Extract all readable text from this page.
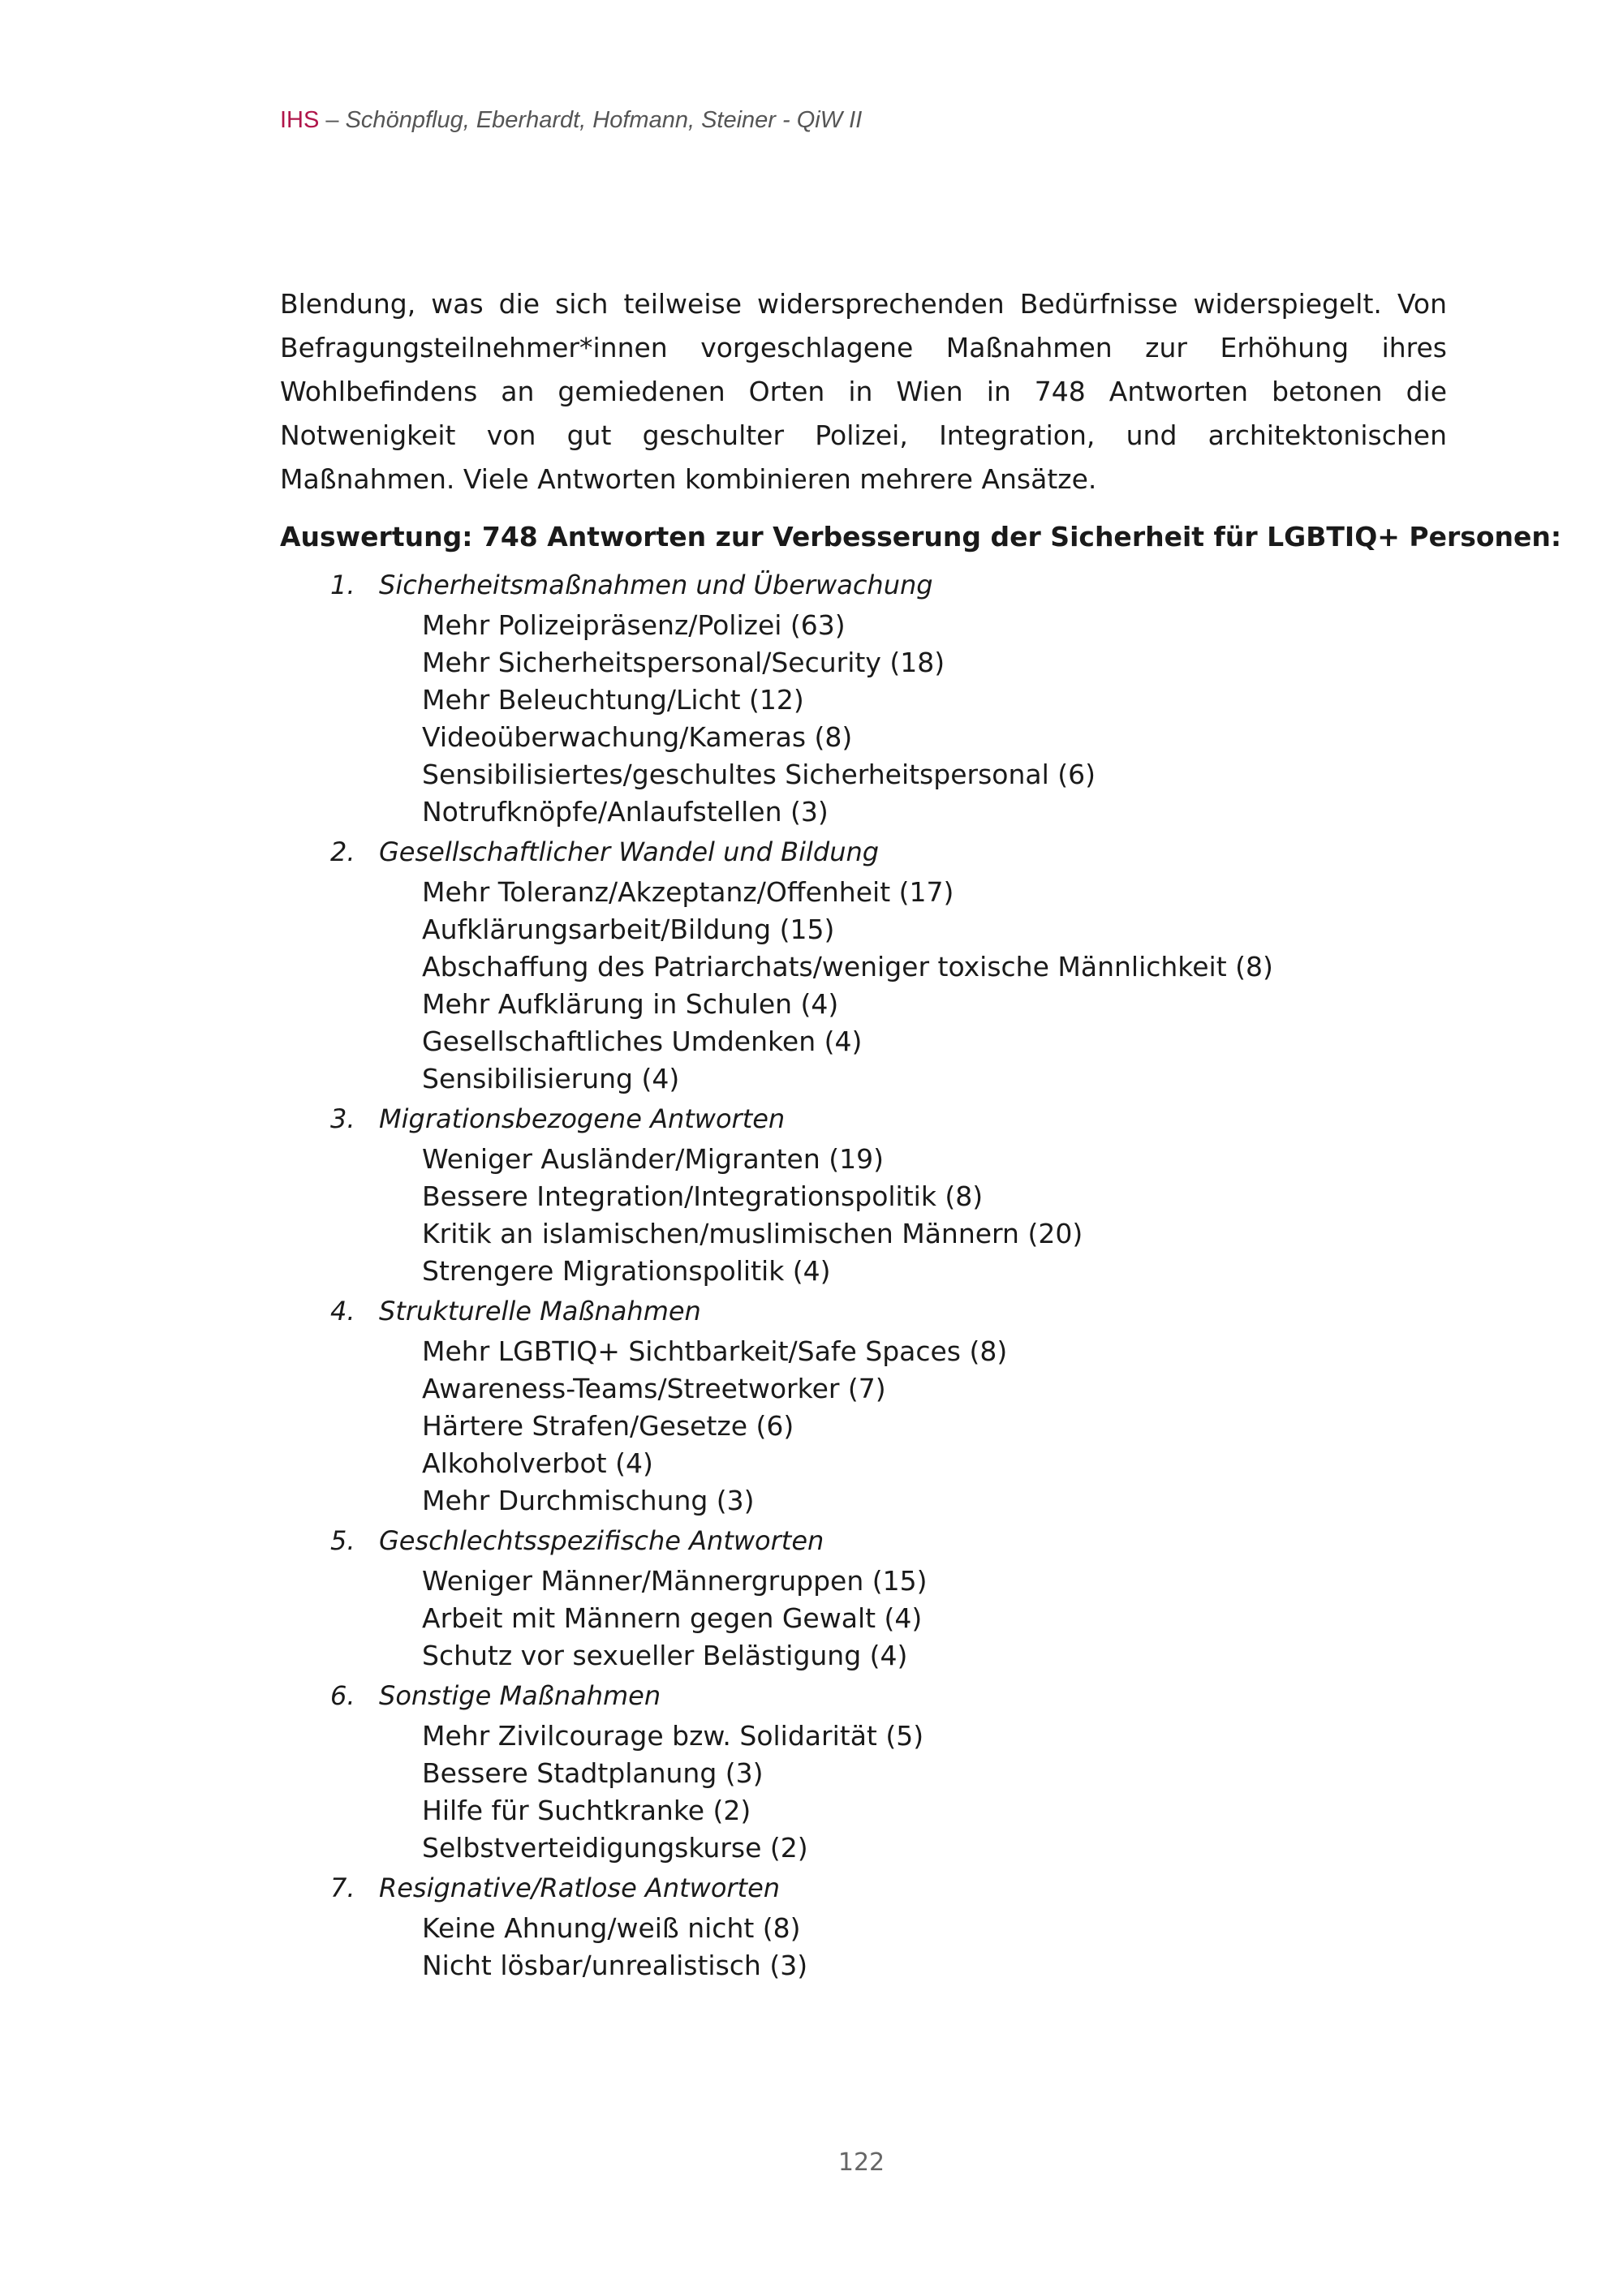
IHS – Schönpflug, Eberhardt, Hofmann, Steiner - QiW II

Blendung, was die sich teilweise widersprechenden Bedürfnisse widerspiegelt. Von Befragungsteilnehmer*innen vorgeschlagene Maßnahmen zur Erhöhung ihres Wohlbefindens an gemiedenen Orten in Wien in 748 Antworten betonen die Notwenigkeit von gut geschulter Polizei, Integration, und architektonischen Maßnahmen. Viele Antworten kombinieren mehrere Ansätze.

Auswertung: 748 Antworten zur Verbesserung der Sicherheit für LGBTIQ+ Personen:
1. Sicherheitsmaßnahmen und Überwachung
Mehr Polizeipräsenz/Polizei (63)
Mehr Sicherheitspersonal/Security (18)
Mehr Beleuchtung/Licht (12)
Videoüberwachung/Kameras (8)
Sensibilisiertes/geschultes Sicherheitspersonal (6)
Notrufknöpfe/Anlaufstellen (3)
2. Gesellschaftlicher Wandel und Bildung
Mehr Toleranz/Akzeptanz/Offenheit (17)
Aufklärungsarbeit/Bildung (15)
Abschaffung des Patriarchats/weniger toxische Männlichkeit (8)
Mehr Aufklärung in Schulen (4)
Gesellschaftliches Umdenken (4)
Sensibilisierung (4)
3. Migrationsbezogene Antworten
Weniger Ausländer/Migranten (19)
Bessere Integration/Integrationspolitik (8)
Kritik an islamischen/muslimischen Männern (20)
Strengere Migrationspolitik (4)
4. Strukturelle Maßnahmen
Mehr LGBTIQ+ Sichtbarkeit/Safe Spaces (8)
Awareness-Teams/Streetworker (7)
Härtere Strafen/Gesetze (6)
Alkoholverbot (4)
Mehr Durchmischung (3)
5. Geschlechtsspezifische Antworten
Weniger Männer/Männergruppen (15)
Arbeit mit Männern gegen Gewalt (4)
Schutz vor sexueller Belästigung (4)
6. Sonstige Maßnahmen
Mehr Zivilcourage bzw. Solidarität (5)
Bessere Stadtplanung (3)
Hilfe für Suchtkranke (2)
Selbstverteidigungskurse (2)
7. Resignative/Ratlose Antworten
Keine Ahnung/weiß nicht (8)
Nicht lösbar/unrealistisch (3)
122
